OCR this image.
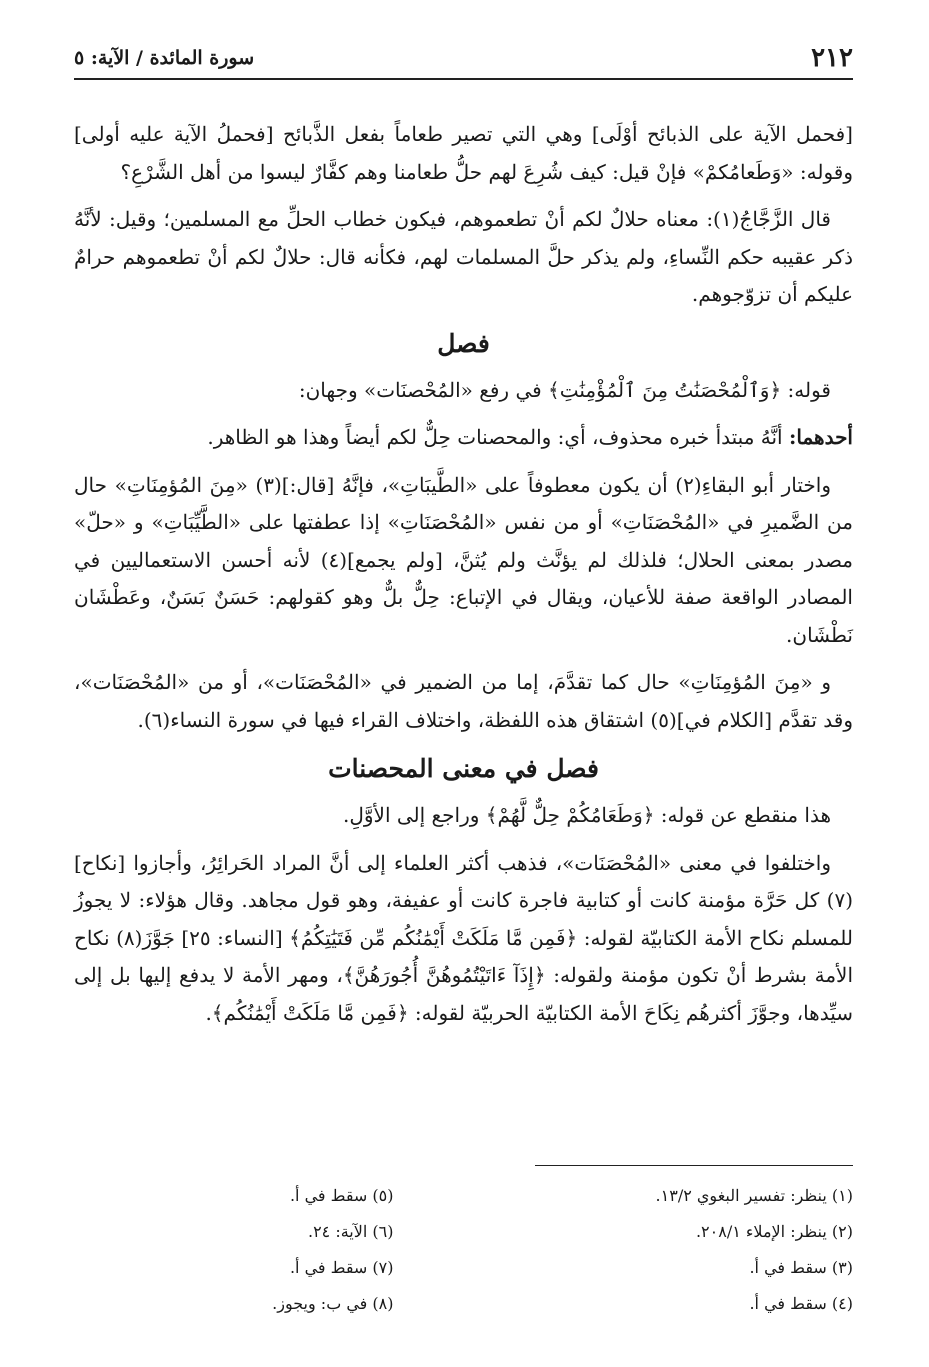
٢١٢
سورة المائدة / الآية: ٥

[فحمل الآية على الذبائح أوْلَى] وهي التي تصير طعاماً بفعل الذَّبائح [فحملُ الآية عليه أولى] وقوله: «وَطَعامُكمْ» فإنْ قيل: كيف شُرِعَ لهم حلُّ طعامنا وهم كفَّارٌ ليسوا من أهل الشَّرْعِ؟

قال الزَّجَّاجُ(١): معناه حلالٌ لكم أنْ تطعموهم، فيكون خطاب الحلِّ مع المسلمين؛ وقيل: لأنَّهُ ذكر عقيبه حكم النِّساءِ، ولم يذكر حلَّ المسلمات لهم، فكأنه قال: حلالٌ لكم أنْ تطعموهم حرامٌ عليكم أن تزوّجوهم.

فصل

قوله: ﴿وَٱلْمُحْصَنَٰتُ مِنَ ٱلْمُؤْمِنَٰتِ﴾ في رفع «المُحْصنَات» وجهان:

أحدهما: أنَّهُ مبتدأ خبره محذوف، أي: والمحصنات حِلٌّ لكم أيضاً وهذا هو الظاهر.

واختار أبو البقاءِ(٢) أن يكون معطوفاً على «الطَّيبَاتِ»، فإنَّهُ [قال:](٣) «مِنَ المُؤمِنَاتِ» حال من الضَّميرِ في «المُحْصَنَاتِ» أو من نفس «المُحْصَنَاتِ» إذا عطفتها على «الطَّيِّبَاتِ» و «حلّ» مصدر بمعنى الحلال؛ فلذلك لم يؤنَّث ولم يُثنَّ، [ولم يجمع](٤) لأنه أحسن الاستعماليين في المصادر الواقعة صفة للأعيان، ويقال في الإتباع: حِلٌّ بلٌّ وهو كقولهم: حَسَنٌ بَسَنٌ، وعَطْشَان نَطْشَان.

و «مِنَ المُؤمِنَاتِ» حال كما تقدَّمَ، إما من الضمير في «المُحْصَنَات»، أو من «المُحْصَنَات»، وقد تقدَّم [الكلام في](٥) اشتقاق هذه اللفظة، واختلاف القراء فيها في سورة النساء(٦).

فصل في معنى المحصنات

هذا منقطع عن قوله: ﴿وَطَعَامُكُمْ حِلٌّ لَّهُمْ﴾ وراجع إلى الأوَّلِ.

واختلفوا في معنى «المُحْصَنَات»، فذهب أكثر العلماء إلى أنَّ المراد الحَرائِرُ، وأجازوا [نكاح](٧) كل حَرَّة مؤمنة كانت أو كتابية فاجرة كانت أو عفيفة، وهو قول مجاهد. وقال هؤلاء: لا يجوزُ للمسلم نكاح الأمة الكتابيّة لقوله: ﴿فَمِن مَّا مَلَكَتْ أَيْمَٰنُكُم مِّن فَتَيَٰتِكُمُ﴾ [النساء: ٢٥] جَوَّزَ(٨) نكاح الأمة بشرط أنْ تكون مؤمنة ولقوله: ﴿إِذَآ ءَاتَيْتُمُوهُنَّ أُجُورَهُنَّ﴾، ومهر الأمة لا يدفع إليها بل إلى سيِّدها، وجوَّزَ أكثرهُم نِكَاحَ الأمة الكتابيّة الحربيّة لقوله: ﴿فَمِن مَّا مَلَكَتْ أَيْمَٰنُكُم﴾.

(١) ينظر: تفسير البغوي ١٣/٢.
(٢) ينظر: الإملاء ٢٠٨/١.
(٣) سقط في أ.
(٤) سقط في أ.
(٥) سقط في أ.
(٦) الآية: ٢٤.
(٧) سقط في أ.
(٨) في ب: ويجوز.
